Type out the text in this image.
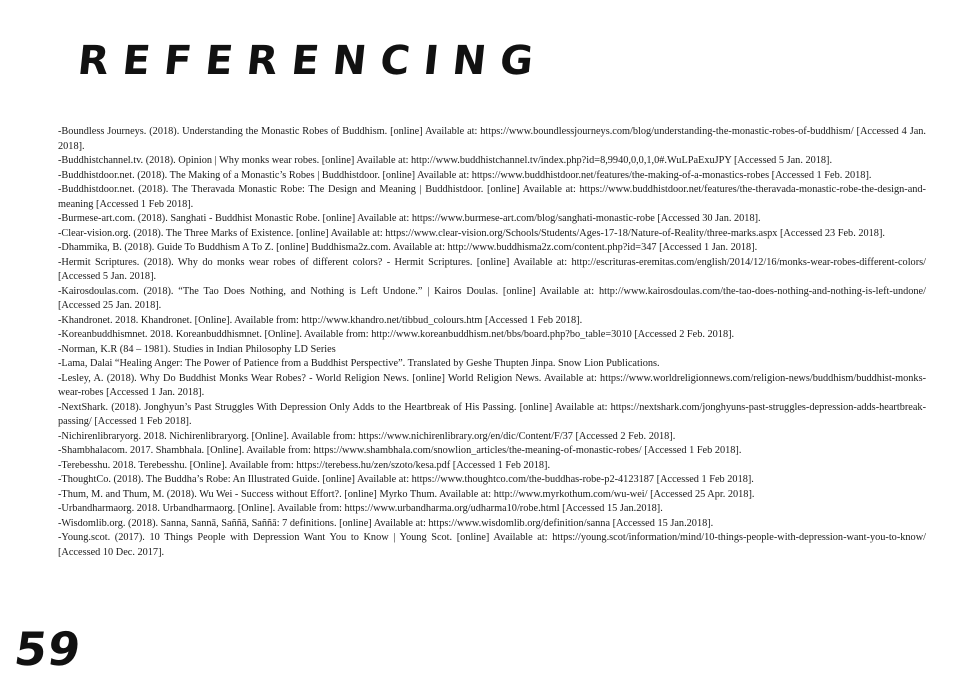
REFERENCING

-Boundless Journeys. (2018). Understanding the Monastic Robes of Buddhism. [online] Available at: https://www.boundlessjourneys.com/blog/understanding-the-monastic-robes-of-buddhism/ [Accessed 4 Jan. 2018].

-Buddhistchannel.tv. (2018). Opinion | Why monks wear robes. [online] Available at: http://www.buddhistchannel.tv/index.php?id=8,9940,0,0,1,0#.WuLPaExuJPY [Accessed 5 Jan. 2018].

-Buddhistdoor.net. (2018). The Making of a Monastic’s Robes | Buddhistdoor. [online] Available at: https://www.buddhistdoor.net/features/the-making-of-a-monastics-robes [Accessed 1 Feb. 2018].

-Buddhistdoor.net. (2018). The Theravada Monastic Robe: The Design and Meaning | Buddhistdoor. [online] Available at: https://www.buddhistdoor.net/features/the-theravada-monastic-robe-the-design-and-meaning [Accessed 1 Feb 2018].

-Burmese-art.com. (2018). Sanghati - Buddhist Monastic Robe. [online] Available at: https://www.burmese-art.com/blog/sanghati-monastic-robe [Accessed 30 Jan. 2018].

-Clear-vision.org. (2018). The Three Marks of Existence. [online] Available at: https://www.clear-vision.org/Schools/Students/Ages-17-18/Nature-of-Reality/three-marks.aspx [Accessed 23 Feb. 2018].

-Dhammika, B. (2018). Guide To Buddhism A To Z. [online] Buddhisma2z.com. Available at: http://www.buddhisma2z.com/content.php?id=347 [Accessed 1 Jan. 2018].

-Hermit Scriptures. (2018). Why do monks wear robes of different colors? - Hermit Scriptures. [online] Available at: http://escrituras-eremitas.com/english/2014/12/16/monks-wear-robes-different-colors/ [Accessed 5 Jan. 2018].

-Kairosdoulas.com. (2018). “The Tao Does Nothing, and Nothing is Left Undone.” | Kairos Doulas. [online] Available at: http://www.kairosdoulas.com/the-tao-does-nothing-and-nothing-is-left-undone/ [Accessed 25 Jan. 2018].

-Khandronet. 2018. Khandronet. [Online]. Available from: http://www.khandro.net/tibbud_colours.htm [Accessed 1 Feb 2018].

-Koreanbuddhismnet. 2018. Koreanbuddhismnet. [Online]. Available from: http://www.koreanbuddhism.net/bbs/board.php?bo_table=3010 [Accessed 2 Feb. 2018].

-Norman, K.R (84 – 1981). Studies in Indian Philosophy LD Series

-Lama, Dalai “Healing Anger: The Power of Patience from a Buddhist Perspective”. Translated by Geshe Thupten Jinpa. Snow Lion Publications.

-Lesley, A. (2018). Why Do Buddhist Monks Wear Robes? - World Religion News. [online] World Religion News. Available at: https://www.worldreligionnews.com/religion-news/buddhism/buddhist-monks-wear-robes [Accessed 1 Jan. 2018].

-NextShark. (2018). Jonghyun’s Past Struggles With Depression Only Adds to the Heartbreak of His Passing. [online] Available at: https://nextshark.com/jonghyuns-past-struggles-depression-adds-heartbreak-passing/ [Accessed 1 Feb 2018].

-Nichirenlibraryorg. 2018. Nichirenlibraryorg. [Online]. Available from: https://www.nichirenlibrary.org/en/dic/Content/F/37 [Accessed 2 Feb. 2018].

-Shambhalacom. 2017. Shambhala. [Online]. Available from: https://www.shambhala.com/snowlion_articles/the-meaning-of-monastic-robes/ [Accessed 1 Feb 2018].

-Terebesshu. 2018. Terebesshu. [Online]. Available from: https://terebess.hu/zen/szoto/kesa.pdf [Accessed 1 Feb 2018].

-ThoughtCo. (2018). The Buddha’s Robe: An Illustrated Guide. [online] Available at: https://www.thoughtco.com/the-buddhas-robe-p2-4123187 [Accessed 1 Feb 2018].

-Thum, M. and Thum, M. (2018). Wu Wei - Success without Effort?. [online] Myrko Thum. Available at: http://www.myrkothum.com/wu-wei/ [Accessed 25 Apr. 2018].

-Urbandharmaorg. 2018. Urbandharmaorg. [Online]. Available from: https://www.urbandharma.org/udharma10/robe.html [Accessed 15 Jan.2018].

-Wisdomlib.org. (2018). Sanna, Sannā, Saññā, Saññā: 7 definitions. [online] Available at: https://www.wisdomlib.org/definition/sanna [Accessed 15 Jan.2018].

-Young.scot. (2017). 10 Things People with Depression Want You to Know | Young Scot. [online] Available at: https://young.scot/information/mind/10-things-people-with-depression-want-you-to-know/ [Accessed 10 Dec. 2017].

59
